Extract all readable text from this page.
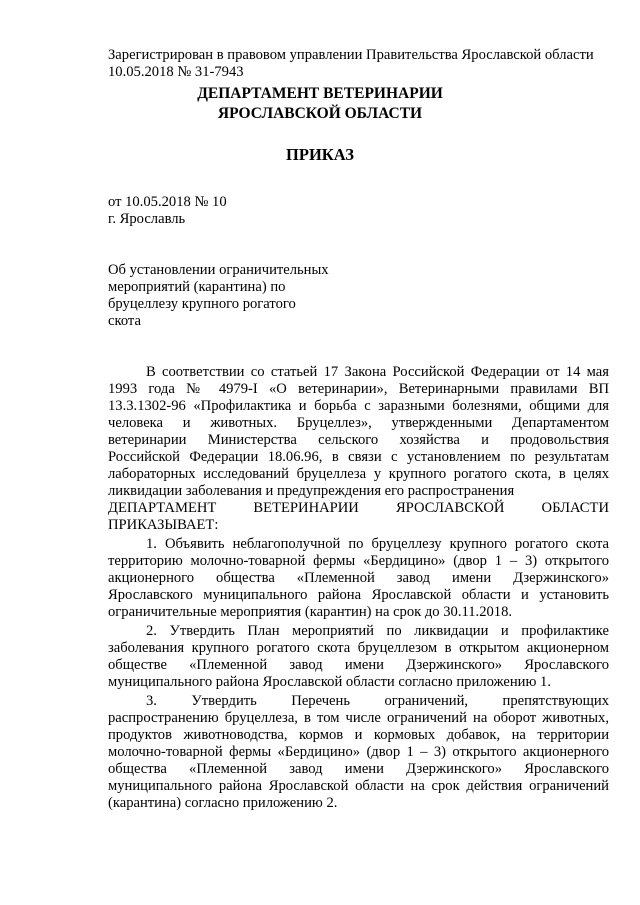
Зарегистрирован в правовом управлении Правительства Ярославской области
10.05.2018 № 31-7943
ДЕПАРТАМЕНТ ВЕТЕРИНАРИИ
ЯРОСЛАВСКОЙ ОБЛАСТИ
ПРИКАЗ
от 10.05.2018 № 10
г. Ярославль
Об установлении ограничительных
мероприятий (карантина) по
бруцеллезу крупного рогатого
скота
В соответствии со статьей 17 Закона Российской Федерации от 14 мая
1993 года № 4979-I «О ветеринарии», Ветеринарными правилами ВП
13.3.1302-96 «Профилактика и борьба с заразными болезнями, общими для
человека и животных. Бруцеллез», утвержденными Департаментом
ветеринарии Министерства сельского хозяйства и продовольствия
Российской Федерации 18.06.96, в связи с установлением по результатам
лабораторных исследований бруцеллеза у крупного рогатого скота, в целях
ликвидации заболевания и предупреждения его распространения
ДЕПАРТАМЕНТ ВЕТЕРИНАРИИ ЯРОСЛАВСКОЙ ОБЛАСТИ
ПРИКАЗЫВАЕТ:
1. Объявить неблагополучной по бруцеллезу крупного рогатого скота
территорию молочно-товарной фермы «Бердицино» (двор 1 – 3) открытого
акционерного общества «Племенной завод имени Дзержинского»
Ярославского муниципального района Ярославской области и установить
ограничительные мероприятия (карантин) на срок до 30.11.2018.
2. Утвердить План мероприятий по ликвидации и профилактике
заболевания крупного рогатого скота бруцеллезом в открытом акционерном
обществе «Племенной завод имени Дзержинского» Ярославского
муниципального района Ярославской области согласно приложению 1.
3. Утвердить Перечень ограничений, препятствующих
распространению бруцеллеза, в том числе ограничений на оборот животных,
продуктов животноводства, кормов и кормовых добавок, на территории
молочно-товарной фермы «Бердицино» (двор 1 – 3) открытого акционерного
общества «Племенной завод имени Дзержинского» Ярославского
муниципального района Ярославской области на срок действия ограничений
(карантина) согласно приложению 2.
